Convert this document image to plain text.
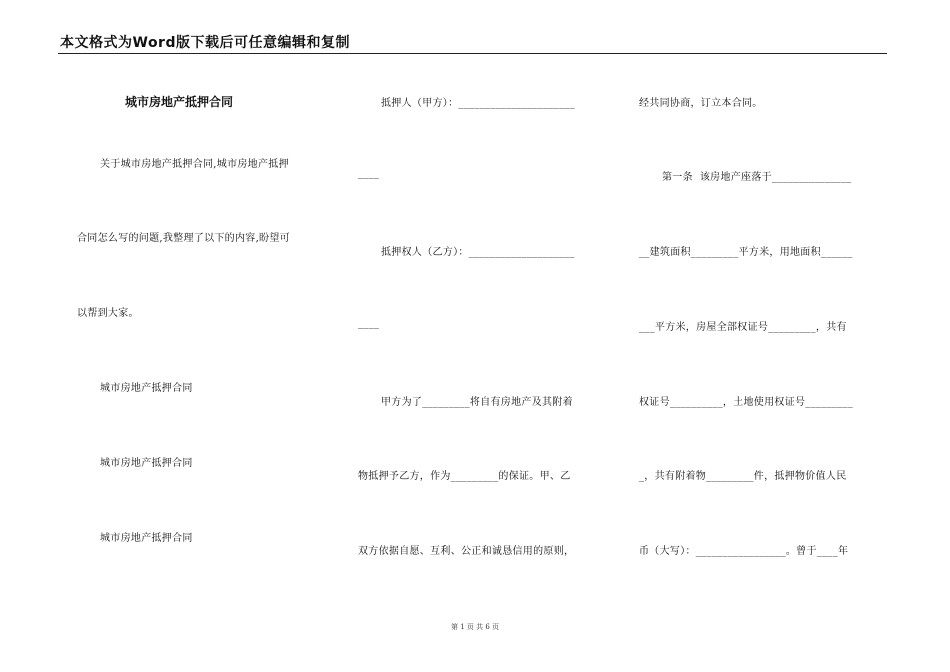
本文格式为Word版下载后可任意编辑和复制
城市房地产抵押合同
关于城市房地产抵押合同,城市房地产抵押
合同怎么写的问题,我整理了以下的内容,盼望可
以帮到大家。
城市房地产抵押合同
城市房地产抵押合同
城市房地产抵押合同
抵押人（甲方）：______________________
____
抵押权人（乙方）：____________________
____
甲方为了_________将自有房地产及其附着
物抵押予乙方，作为_________的保证。甲、乙
双方依据自愿、互利、公正和诚恳信用的原则，
经共同协商，订立本合同。
第一条  该房地产座落于_______________
__建筑面积_________平方米，用地面积______
___平方米，房屋全部权证号_________，共有
权证号__________，土地使用权证号_________
_，共有附着物_________件，抵押物价值人民
币（大写）：_________________。曾于____年
第 1 页 共 6 页
